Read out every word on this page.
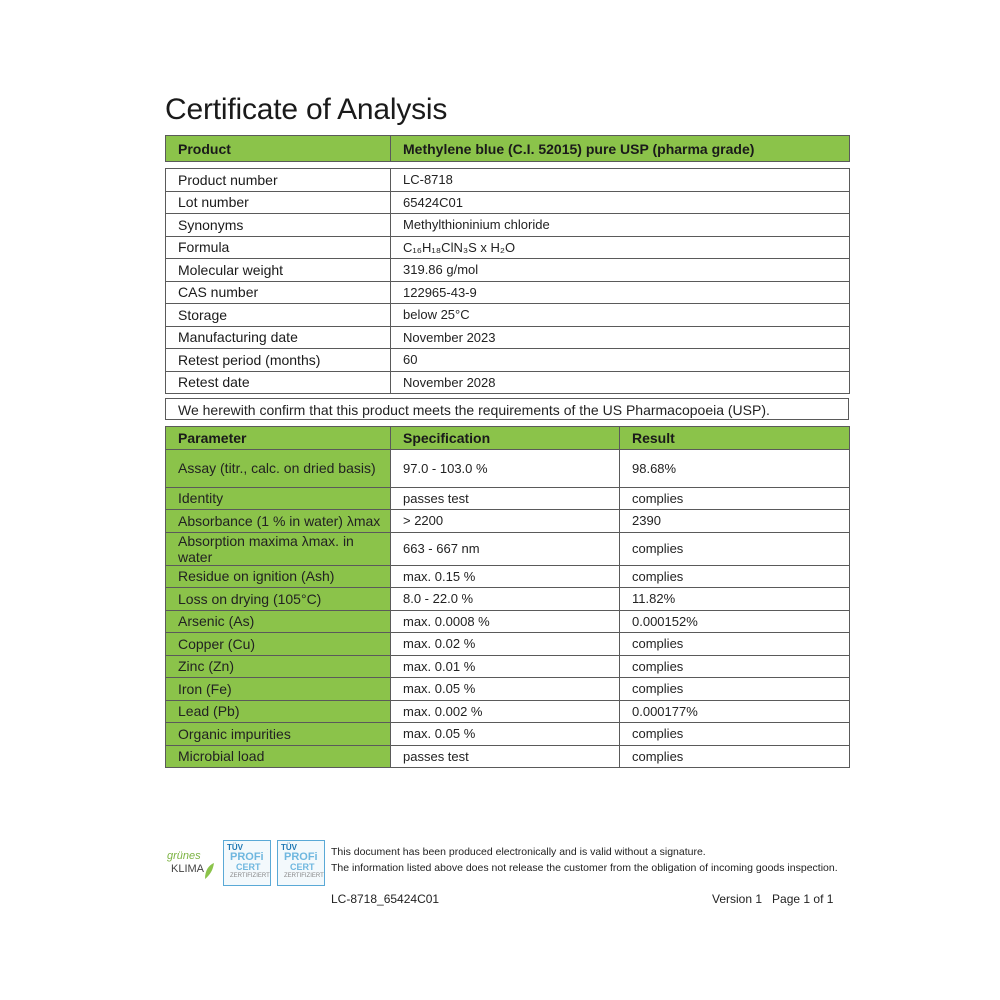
Certificate of Analysis
Product	Methylene blue (C.I. 52015) pure USP (pharma grade)
Product number	LC-8718
Lot number	65424C01
Synonyms	Methylthioninium chloride
Formula	C₁₆H₁₈ClN₃S x H₂O
Molecular weight	319.86 g/mol
CAS number	122965-43-9
Storage	below 25°C
Manufacturing date	November 2023
Retest period (months)	60
Retest date	November 2028
We herewith confirm that this product meets the requirements of the US Pharmacopoeia (USP).
Parameter	Specification	Result
Assay (titr., calc. on dried basis)	97.0 - 103.0 %	98.68%
Identity	passes test	complies
Absorbance (1 % in water) λmax	> 2200	2390
Absorption maxima λmax. in water	663 - 667 nm	complies
Residue on ignition (Ash)	max. 0.15 %	complies
Loss on drying (105°C)	8.0 - 22.0 %	11.82%
Arsenic (As)	max. 0.0008 %	0.000152%
Copper (Cu)	max. 0.02 %	complies
Zinc (Zn)	max. 0.01 %	complies
Iron (Fe)	max. 0.05 %	complies
Lead (Pb)	max. 0.002 %	0.000177%
Organic impurities	max. 0.05 %	complies
Microbial load	passes test	complies
grünes
KLIMA
TÜV
PROFi
CERT
ZERTIFIZIERT
TÜV
PROFi
CERT
ZERTIFIZIERT
This document has been produced electronically and is valid without a signature.
The information listed above does not release the customer from the obligation of incoming goods inspection.
LC-8718_65424C01	Version 1   Page 1 of 1
